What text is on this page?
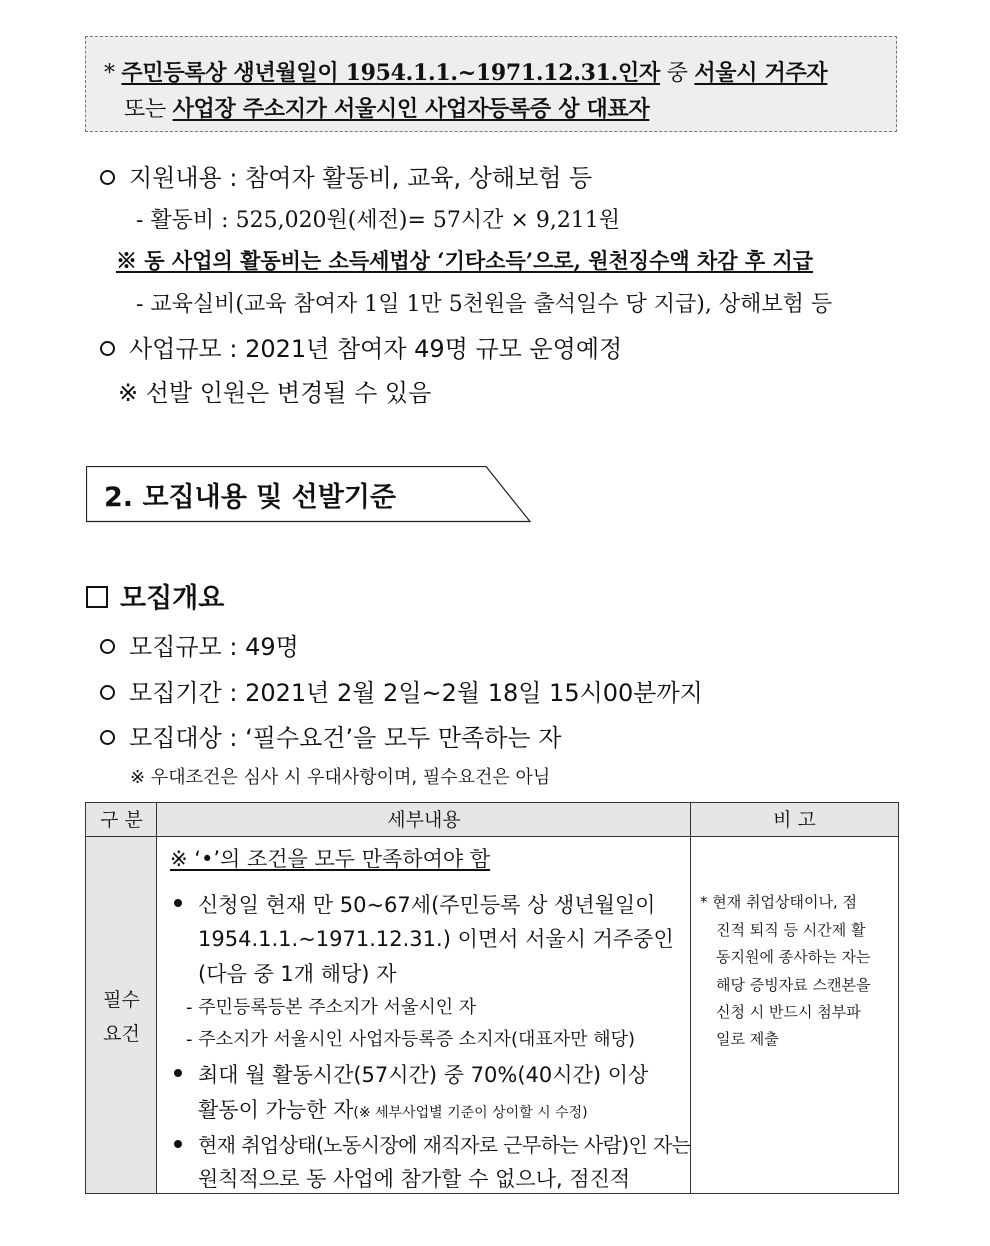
* 주민등록상 생년월일이 1954.1.1.~1971.12.31.인자 중 서울시 거주자
또는 사업장 주소지가 서울시인 사업자등록증 상 대표자
지원내용 : 참여자 활동비, 교육, 상해보험 등
- 활동비 : 525,020원(세전)= 57시간 × 9,211원
※ 동 사업의 활동비는 소득세법상 ‘기타소득’으로, 원천징수액 차감 후 지급
- 교육실비(교육 참여자 1일 1만 5천원을 출석일수 당 지급), 상해보험 등
사업규모 : 2021년 참여자 49명 규모 운영예정
※ 선발 인원은 변경될 수 있음
2. 모집내용 및 선발기준
모집개요
모집규모 : 49명
모집기간 : 2021년 2월 2일~2월 18일 15시00분까지
모집대상 : ‘필수요건’을 모두 만족하는 자
※ 우대조건은 심사 시 우대사항이며, 필수요건은 아님
구 분	세부내용	비 고
필수
요건
※ ‘•’의 조건을 모두 만족하여야 함
신청일 현재 만 50~67세(주민등록 상 생년월일이
1954.1.1.~1971.12.31.) 이면서 서울시 거주중인
(다음 중 1개 해당) 자
- 주민등록등본 주소지가 서울시인 자
- 주소지가 서울시인 사업자등록증 소지자(대표자만 해당)
최대 월 활동시간(57시간) 중 70%(40시간) 이상
활동이 가능한 자(※ 세부사업별 기준이 상이할 시 수정)
현재 취업상태(노동시장에 재직자로 근무하는 사람)인 자는
원칙적으로 동 사업에 참가할 수 없으나, 점진적
* 현재 취업상태이나, 점
진적 퇴직 등 시간제 활
동지원에 종사하는 자는
해당 증빙자료 스캔본을
신청 시 반드시 첨부파
일로 제출
